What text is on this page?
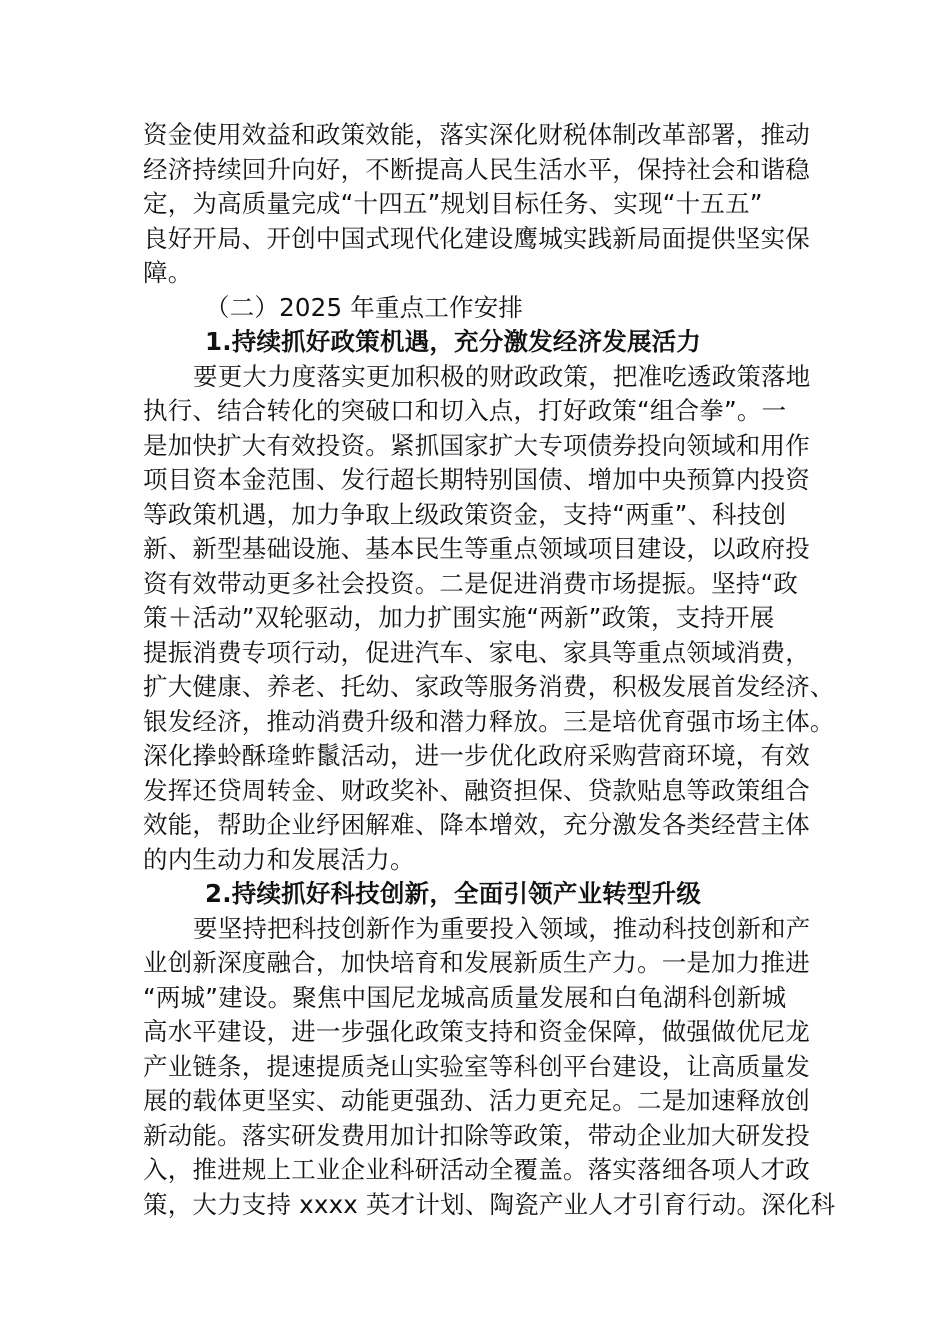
资金使用效益和政策效能，落实深化财税体制改革部署，推动
经济持续回升向好，不断提高人民生活水平，保持社会和谐稳
定，为高质量完成“十四五”规划目标任务、实现“十五五”
良好开局、开创中国式现代化建设鹰城实践新局面提供坚实保
障。
（二）2025 年重点工作安排
1.持续抓好政策机遇，充分激发经济发展活力
要更大力度落实更加积极的财政政策，把准吃透政策落地
执行、结合转化的突破口和切入点，打好政策“组合拳”。一
是加快扩大有效投资。紧抓国家扩大专项债券投向领域和用作
项目资本金范围、发行超长期特别国债、增加中央预算内投资
等政策机遇，加力争取上级政策资金，支持“两重”、科技创
新、新型基础设施、基本民生等重点领域项目建设，以政府投
资有效带动更多社会投资。二是促进消费市场提振。坚持“政
策＋活动”双轮驱动，加力扩围实施“两新”政策，支持开展
提振消费专项行动，促进汽车、家电、家具等重点领域消费，
扩大健康、养老、托幼、家政等服务消费，积极发展首发经济、
银发经济，推动消费升级和潜力释放。三是培优育强市场主体。
深化搼蛉酥𤦶蚱鬛活动，进一步优化政府采购营商环境，有效
发挥还贷周转金、财政奖补、融资担保、贷款贴息等政策组合
效能，帮助企业纾困解难、降本增效，充分激发各类经营主体
的内生动力和发展活力。
2.持续抓好科技创新，全面引领产业转型升级
要坚持把科技创新作为重要投入领域，推动科技创新和产
业创新深度融合，加快培育和发展新质生产力。一是加力推进
“两城”建设。聚焦中国尼龙城高质量发展和白龟湖科创新城
高水平建设，进一步强化政策支持和资金保障，做强做优尼龙
产业链条，提速提质尧山实验室等科创平台建设，让高质量发
展的载体更坚实、动能更强劲、活力更充足。二是加速释放创
新动能。落实研发费用加计扣除等政策，带动企业加大研发投
入，推进规上工业企业科研活动全覆盖。落实落细各项人才政
策，大力支持 xxxx 英才计划、陶瓷产业人才引育行动。深化科
